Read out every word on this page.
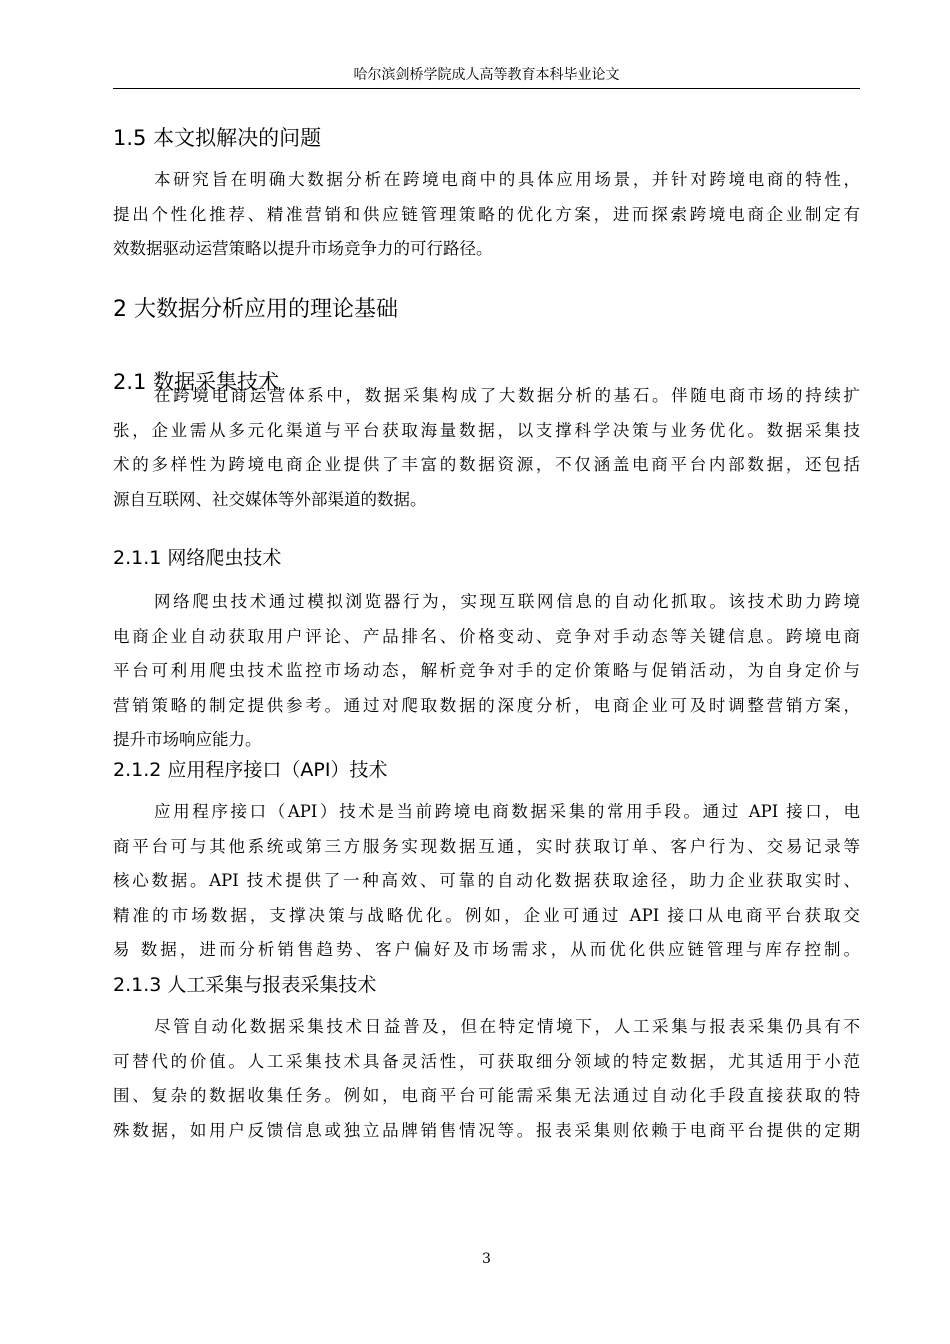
哈尔滨剑桥学院成人高等教育本科毕业论文
1.5 本文拟解决的问题
本研究旨在明确大数据分析在跨境电商中的具体应用场景，并针对跨境电商的特性，
提出个性化推荐、精准营销和供应链管理策略的优化方案，进而探索跨境电商企业制定有
效数据驱动运营策略以提升市场竞争力的可行路径。
2 大数据分析应用的理论基础
2.1 数据采集技术
在跨境电商运营体系中，数据采集构成了大数据分析的基石。伴随电商市场的持续扩
张，企业需从多元化渠道与平台获取海量数据，以支撑科学决策与业务优化。数据采集技
术的多样性为跨境电商企业提供了丰富的数据资源，不仅涵盖电商平台内部数据，还包括
源自互联网、社交媒体等外部渠道的数据。
2.1.1 网络爬虫技术
网络爬虫技术通过模拟浏览器行为，实现互联网信息的自动化抓取。该技术助力跨境
电商企业自动获取用户评论、产品排名、价格变动、竞争对手动态等关键信息。跨境电商
平台可利用爬虫技术监控市场动态，解析竞争对手的定价策略与促销活动，为自身定价与
营销策略的制定提供参考。通过对爬取数据的深度分析，电商企业可及时调整营销方案，
提升市场响应能力。
2.1.2 应用程序接口（API）技术
应用程序接口（API）技术是当前跨境电商数据采集的常用手段。通过 API 接口，电
商平台可与其他系统或第三方服务实现数据互通，实时获取订单、客户行为、交易记录等
核心数据。API 技术提供了一种高效、可靠的自动化数据获取途径，助力企业获取实时、
精准的市场数据，支撑决策与战略优化。例如，企业可通过 API 接口从电商平台获取交
易 数据，进而分析销售趋势、客户偏好及市场需求，从而优化供应链管理与库存控制。
2.1.3 人工采集与报表采集技术
尽管自动化数据采集技术日益普及，但在特定情境下，人工采集与报表采集仍具有不
可替代的价值。人工采集技术具备灵活性，可获取细分领域的特定数据，尤其适用于小范
围、复杂的数据收集任务。例如，电商平台可能需采集无法通过自动化手段直接获取的特
殊数据，如用户反馈信息或独立品牌销售情况等。报表采集则依赖于电商平台提供的定期
3
